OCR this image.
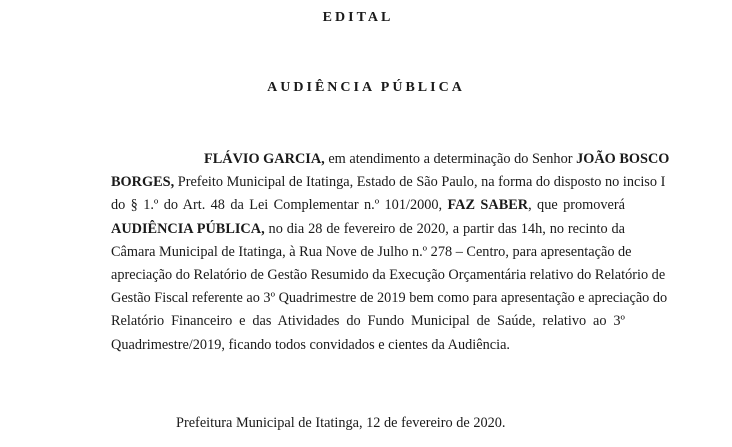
EDITAL
AUDIÊNCIA PÚBLICA
FLÁVIO GARCIA, em atendimento a determinação do Senhor JOÃO BOSCO
BORGES, Prefeito Municipal de Itatinga, Estado de São Paulo, na forma do disposto no inciso I
do § 1.º do Art. 48 da Lei Complementar n.º 101/2000, FAZ SABER, que promoverá
AUDIÊNCIA PÚBLICA, no dia 28 de fevereiro de 2020, a partir das 14h, no recinto da
Câmara Municipal de Itatinga, à Rua Nove de Julho n.º 278 – Centro, para apresentação de
apreciação do Relatório de Gestão Resumido da Execução Orçamentária relativo do Relatório de
Gestão Fiscal referente ao 3º Quadrimestre de 2019 bem como para apresentação e apreciação do
Relatório Financeiro e das Atividades do Fundo Municipal de Saúde, relativo ao 3º
Quadrimestre/2019, ficando todos convidados e cientes da Audiência.
Prefeitura Municipal de Itatinga, 12 de fevereiro de 2020.
